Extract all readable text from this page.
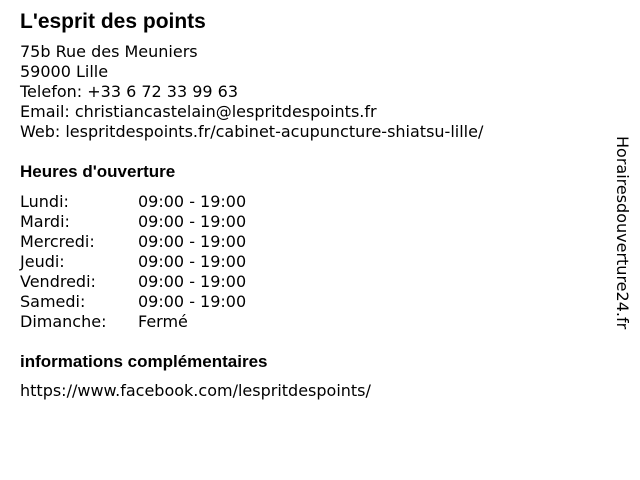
L'esprit des points
75b Rue des Meuniers
59000 Lille
Telefon: +33 6 72 33 99 63
Email: christiancastelain@lespritdespoints.fr
Web: lespritdespoints.fr/cabinet-acupuncture-shiatsu-lille/
Heures d'ouverture
Lundi:	09:00 - 19:00
Mardi:	09:00 - 19:00
Mercredi:	09:00 - 19:00
Jeudi:	09:00 - 19:00
Vendredi:	09:00 - 19:00
Samedi:	09:00 - 19:00
Dimanche:	Fermé
informations complémentaires
https://www.facebook.com/lespritdespoints/
Horairesdouverture24.fr
